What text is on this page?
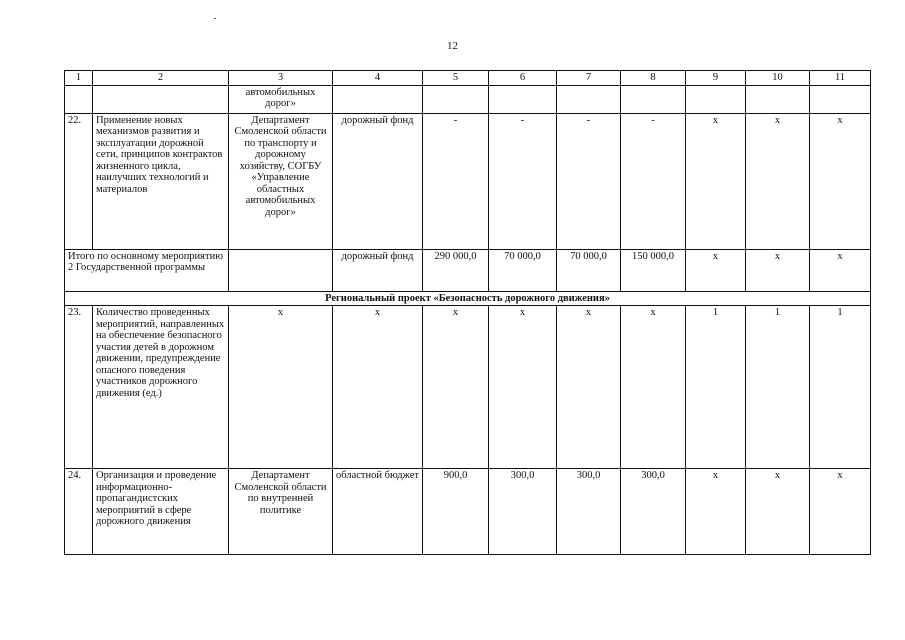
12
1	2	3	4	5	6	7	8	9	10	11
		автомобильных дорог»								
22.	Применение новых механизмов развития и эксплуатации дорожной сети, принципов контрактов жизненного цикла, наилучших технологий и материалов	Департамент Смоленской области по транспорту и дорожному хозяйству, СОГБУ «Управление областных автомобильных дорог»	дорожный фонд	-	-	-	-	х	х	х
Итого по основному мероприятию 2 Государственной программы			дорожный фонд	290 000,0	70 000,0	70 000,0	150 000,0	х	х	х
Региональный проект «Безопасность дорожного движения»										
23.	Количество проведенных мероприятий, направленных на обеспечение безопасного участия детей в дорожном движении, предупреждение опасного поведения участников дорожного движения (ед.)	х	х	х	х	х	х	1	1	1
24.	Организация и проведение информационно-пропагандистских мероприятий в сфере дорожного движения	Департамент Смоленской области по внутренней политике	областной бюджет	900,0	300,0	300,0	300,0	х	х	х
